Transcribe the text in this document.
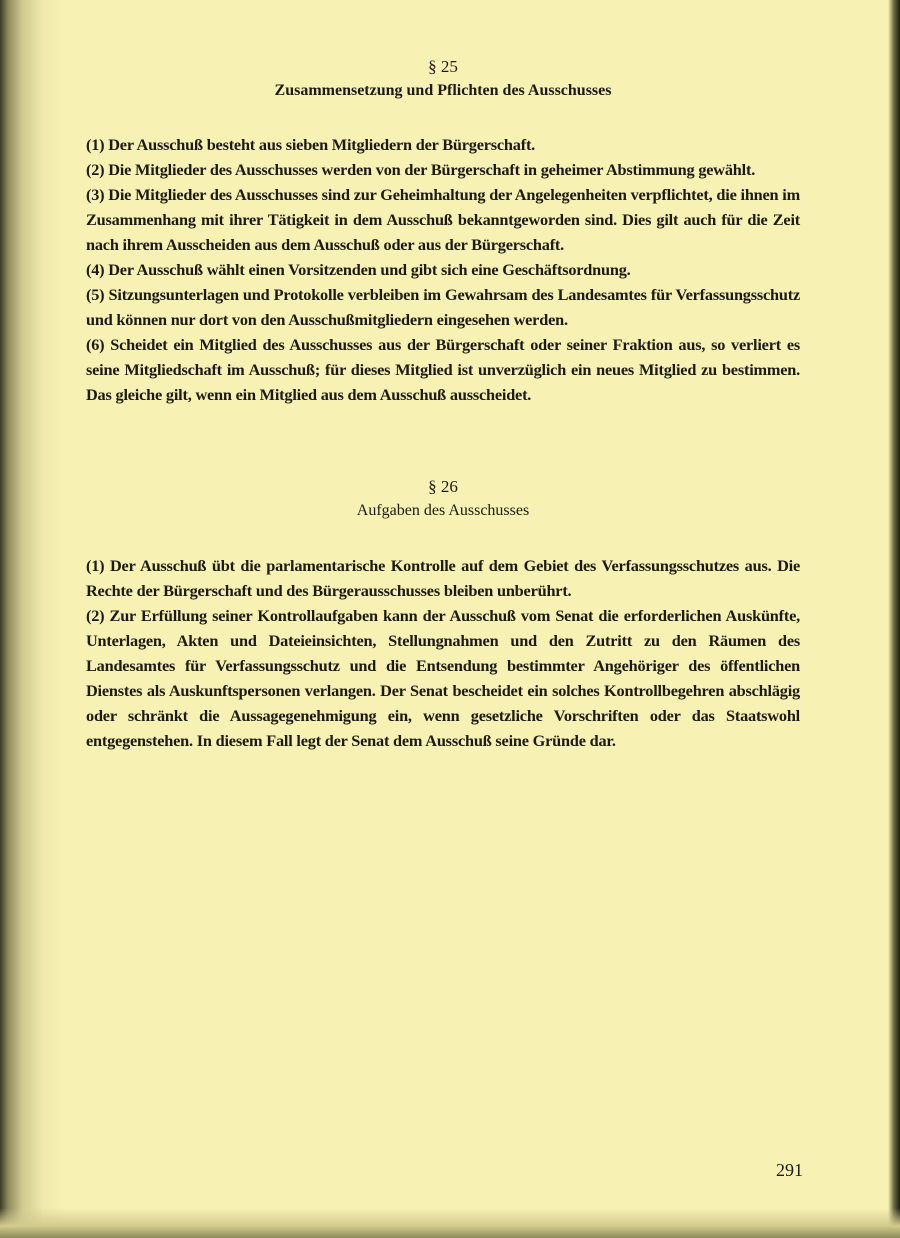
§ 25
Zusammensetzung und Pflichten des Ausschusses

(1) Der Ausschuß besteht aus sieben Mitgliedern der Bürgerschaft.

(2) Die Mitglieder des Ausschusses werden von der Bürgerschaft in geheimer Abstimmung gewählt.

(3) Die Mitglieder des Ausschusses sind zur Geheimhaltung der Angelegenheiten verpflichtet, die ihnen im Zusammenhang mit ihrer Tätigkeit in dem Ausschuß bekanntgeworden sind. Dies gilt auch für die Zeit nach ihrem Ausscheiden aus dem Ausschuß oder aus der Bürgerschaft.

(4) Der Ausschuß wählt einen Vorsitzenden und gibt sich eine Geschäftsordnung.

(5) Sitzungsunterlagen und Protokolle verbleiben im Gewahrsam des Landesamtes für Verfassungsschutz und können nur dort von den Ausschußmitgliedern eingesehen werden.

(6) Scheidet ein Mitglied des Ausschusses aus der Bürgerschaft oder seiner Fraktion aus, so verliert es seine Mitgliedschaft im Ausschuß; für dieses Mitglied ist unverzüglich ein neues Mitglied zu bestimmen. Das gleiche gilt, wenn ein Mitglied aus dem Ausschuß ausscheidet.

§ 26
Aufgaben des Ausschusses

(1) Der Ausschuß übt die parlamentarische Kontrolle auf dem Gebiet des Verfassungsschutzes aus. Die Rechte der Bürgerschaft und des Bürgerausschusses bleiben unberührt.

(2) Zur Erfüllung seiner Kontrollaufgaben kann der Ausschuß vom Senat die erforderlichen Auskünfte, Unterlagen, Akten und Dateieinsichten, Stellungnahmen und den Zutritt zu den Räumen des Landesamtes für Verfassungsschutz und die Entsendung bestimmter Angehöriger des öffentlichen Dienstes als Auskunftspersonen verlangen. Der Senat bescheidet ein solches Kontrollbegehren abschlägig oder schränkt die Aussagegenehmigung ein, wenn gesetzliche Vorschriften oder das Staatswohl entgegenstehen. In diesem Fall legt der Senat dem Ausschuß seine Gründe dar.

291
